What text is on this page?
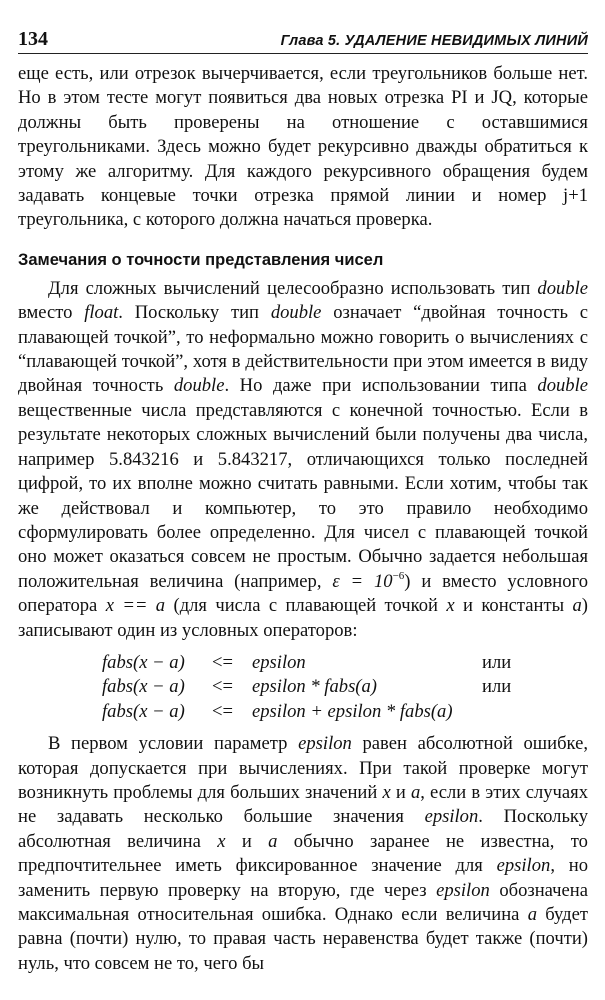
134	Глава 5. УДАЛЕНИЕ НЕВИДИМЫХ ЛИНИЙ

еще есть, или отрезок вычерчивается, если треугольников больше нет. Но в этом тесте могут появиться два новых отрезка PI и JQ, которые должны быть проверены на отношение с оставшимися треугольниками. Здесь можно будет рекурсивно дважды обратиться к этому же алгоритму. Для каждого рекурсивного обращения будем задавать концевые точки отрезка прямой линии и номер j+1 треугольника, с которого должна начаться проверка.

Замечания о точности представления чисел

Для сложных вычислений целесообразно использовать тип double вместо float. Поскольку тип double означает “двойная точность с плавающей точкой”, то неформально можно говорить о вычислениях с “плавающей точкой”, хотя в действительности при этом имеется в виду двойная точность double. Но даже при использовании типа double вещественные числа представляются с конечной точностью. Если в результате некоторых сложных вычислений были получены два числа, например 5.843216 и 5.843217, отличающихся только последней цифрой, то их вполне можно считать равными. Если хотим, чтобы так же действовал и компьютер, то это правило необходимо сформулировать более определенно. Для чисел с плавающей точкой оно может оказаться совсем не простым. Обычно задается небольшая положительная величина (например, $\varepsilon = 10^{-6}$) и вместо условного оператора x == a (для числа с плавающей точкой x и константы a) записывают один из условных операторов:

fabs(x − a)	<=	epsilon	или
fabs(x − a)	<=	epsilon * fabs(a)	или
fabs(x − a)	<=	epsilon + epsilon * fabs(a)

В первом условии параметр epsilon равен абсолютной ошибке, которая допускается при вычислениях. При такой проверке могут возникнуть проблемы для больших значений x и a, если в этих случаях не задавать несколько большие значения epsilon. Поскольку абсолютная величина x и a обычно заранее не известна, то предпочтительнее иметь фиксированное значение для epsilon, но заменить первую проверку на вторую, где через epsilon обозначена максимальная относительная ошибка. Однако если величина a будет равна (почти) нулю, то правая часть неравенства будет также (почти) нуль, что совсем не то, чего бы
